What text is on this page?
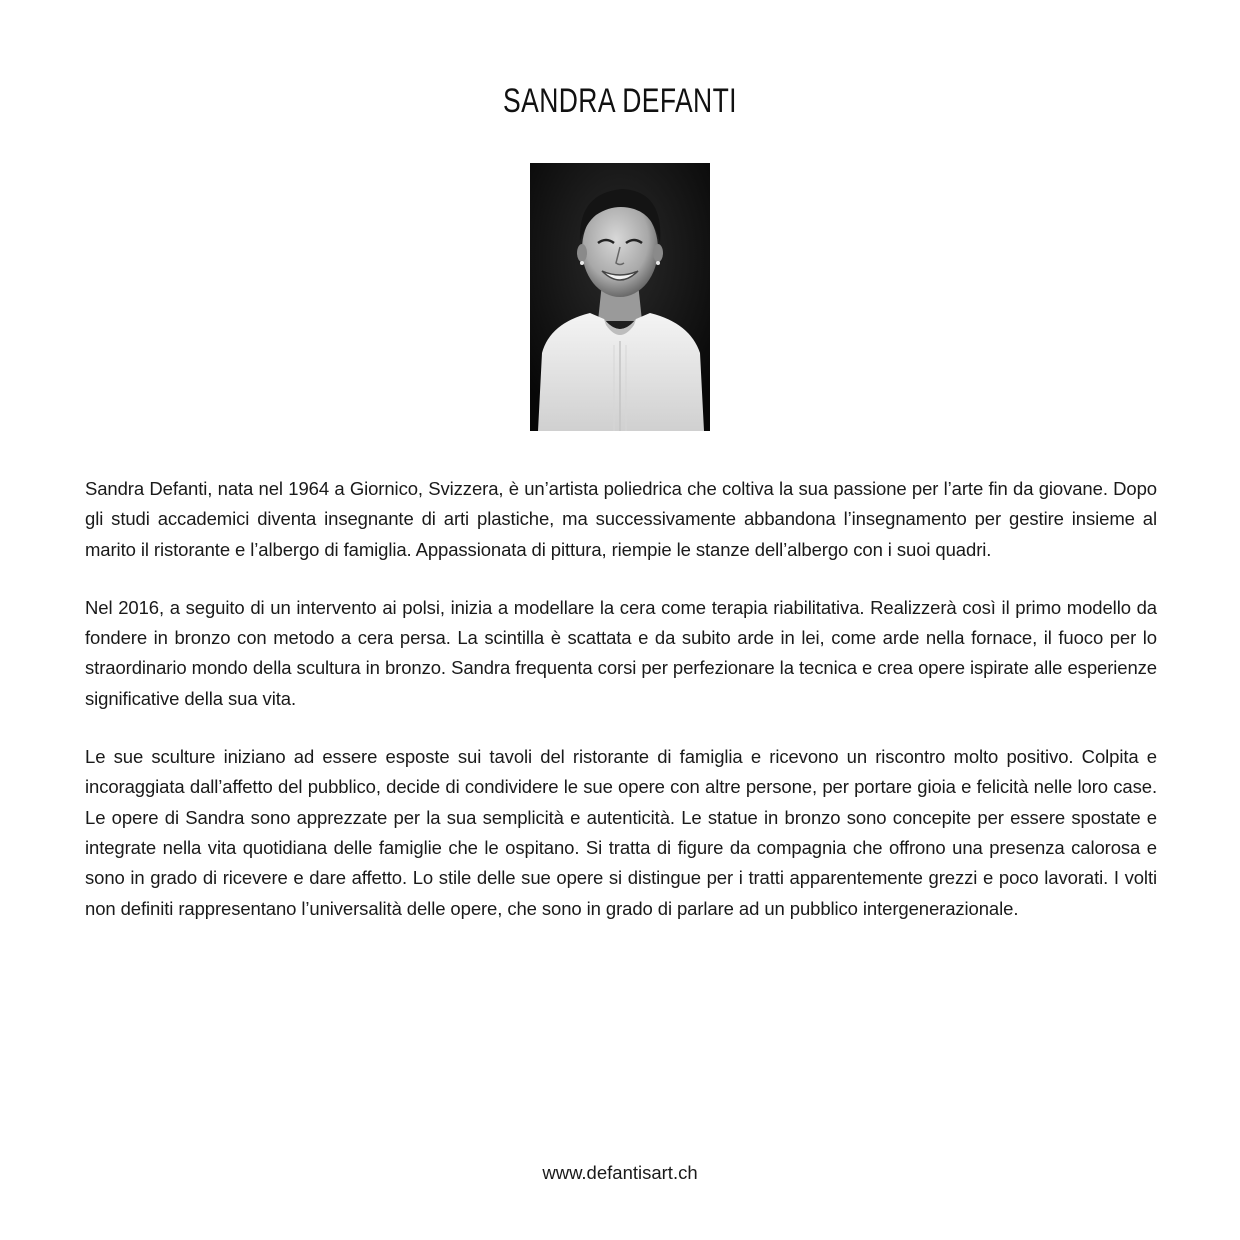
SANDRA DEFANTI

Sandra Defanti, nata nel 1964 a Giornico, Svizzera, è un’artista poliedrica che coltiva la sua passione per l’arte fin da giovane. Dopo gli studi accademici diventa insegnante di arti plastiche, ma successivamente abbandona l’insegnamento per gestire insieme al marito il ristorante e l’albergo di famiglia. Appassionata di pittura, riempie le stanze dell’albergo con i suoi quadri.

Nel 2016, a seguito di un intervento ai polsi, inizia a modellare la cera come terapia riabilitativa. Realizzerà così il primo modello da fondere in bronzo con metodo a cera persa. La scintilla è scattata e da subito arde in lei, come arde nella fornace, il fuoco per lo straordinario mondo della scultura in bronzo. Sandra frequenta corsi per perfezionare la tecnica e crea opere ispirate alle esperienze significative della sua vita.

Le sue sculture iniziano ad essere esposte sui tavoli del ristorante di famiglia e ricevono un riscontro molto positivo. Colpita e incoraggiata dall’affetto del pubblico, decide di condividere le sue opere con altre persone, per portare gioia e felicità nelle loro case. Le opere di Sandra sono apprezzate per la sua semplicità e autenticità. Le statue in bronzo sono concepite per essere spostate e integrate nella vita quotidiana delle famiglie che le ospitano. Si tratta di figure da compagnia che offrono una presenza calorosa e sono in grado di ricevere e dare affetto. Lo stile delle sue opere si distingue per i tratti apparentemente grezzi e poco lavorati. I volti non definiti rappresentano l’universalità delle opere, che sono in grado di parlare ad un pubblico intergenerazionale.

www.defantisart.ch
